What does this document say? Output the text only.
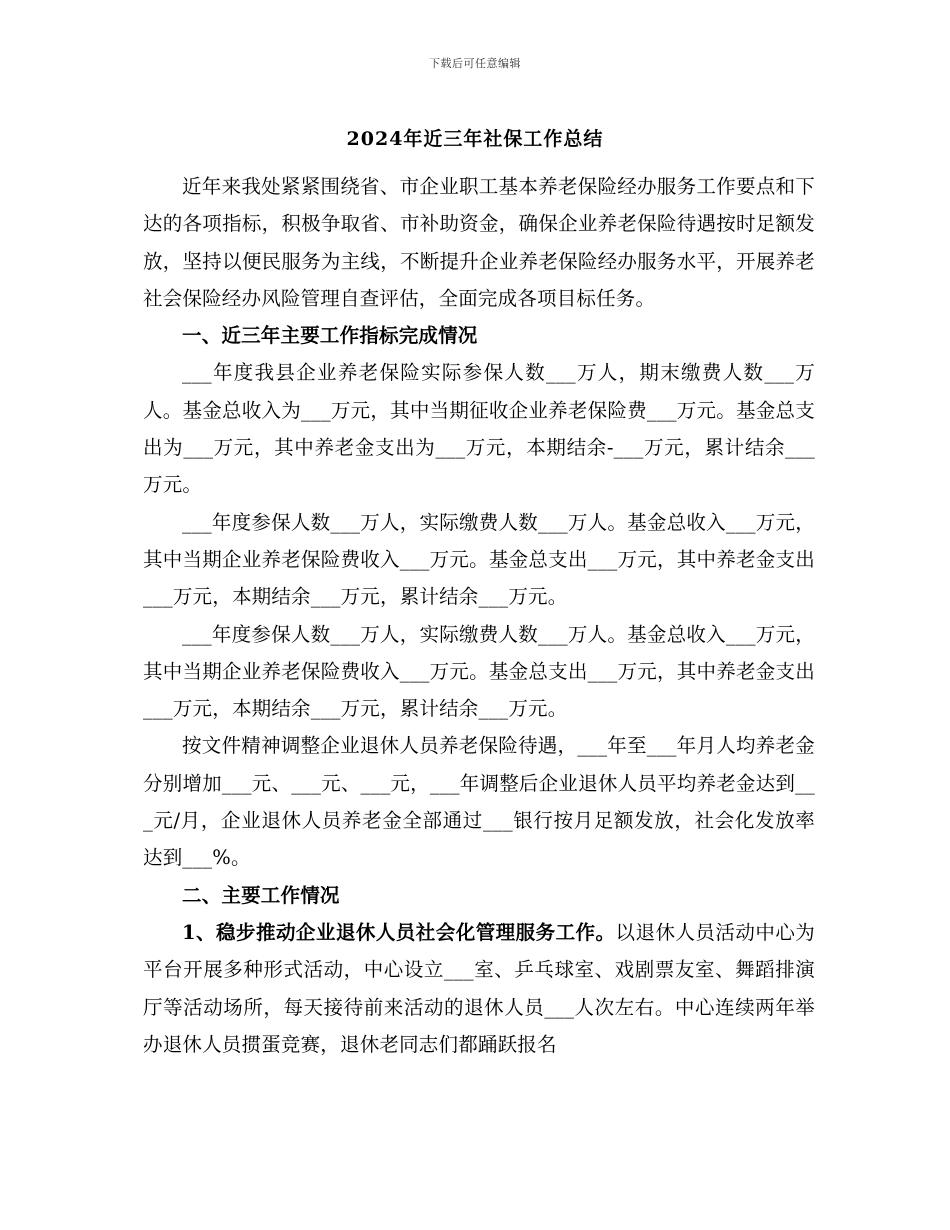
下载后可任意编辑
2024年近三年社保工作总结

近年来我处紧紧围绕省、市企业职工基本养老保险经办服务工作要点和下达的各项指标，积极争取省、市补助资金，确保企业养老保险待遇按时足额发放，坚持以便民服务为主线，不断提升企业养老保险经办服务水平，开展养老社会保险经办风险管理自查评估，全面完成各项目标任务。

一、近三年主要工作指标完成情况

___年度我县企业养老保险实际参保人数___万人，期末缴费人数___万人。基金总收入为___万元，其中当期征收企业养老保险费___万元。基金总支出为___万元，其中养老金支出为___万元，本期结余-___万元，累计结余___万元。

___年度参保人数___万人，实际缴费人数___万人。基金总收入___万元，其中当期企业养老保险费收入___万元。基金总支出___万元，其中养老金支出___万元，本期结余___万元，累计结余___万元。

___年度参保人数___万人，实际缴费人数___万人。基金总收入___万元，其中当期企业养老保险费收入___万元。基金总支出___万元，其中养老金支出___万元，本期结余___万元，累计结余___万元。

按文件精神调整企业退休人员养老保险待遇，___年至___年月人均养老金分别增加___元、___元、___元，___年调整后企业退休人员平均养老金达到___元/月，企业退休人员养老金全部通过___银行按月足额发放，社会化发放率达到___%。

二、主要工作情况

1、稳步推动企业退休人员社会化管理服务工作。以退休人员活动中心为平台开展多种形式活动，中心设立___室、乒乓球室、戏剧票友室、舞蹈排演厅等活动场所，每天接待前来活动的退休人员___人次左右。中心连续两年举办退休人员掼蛋竞赛，退休老同志们都踊跃报名
